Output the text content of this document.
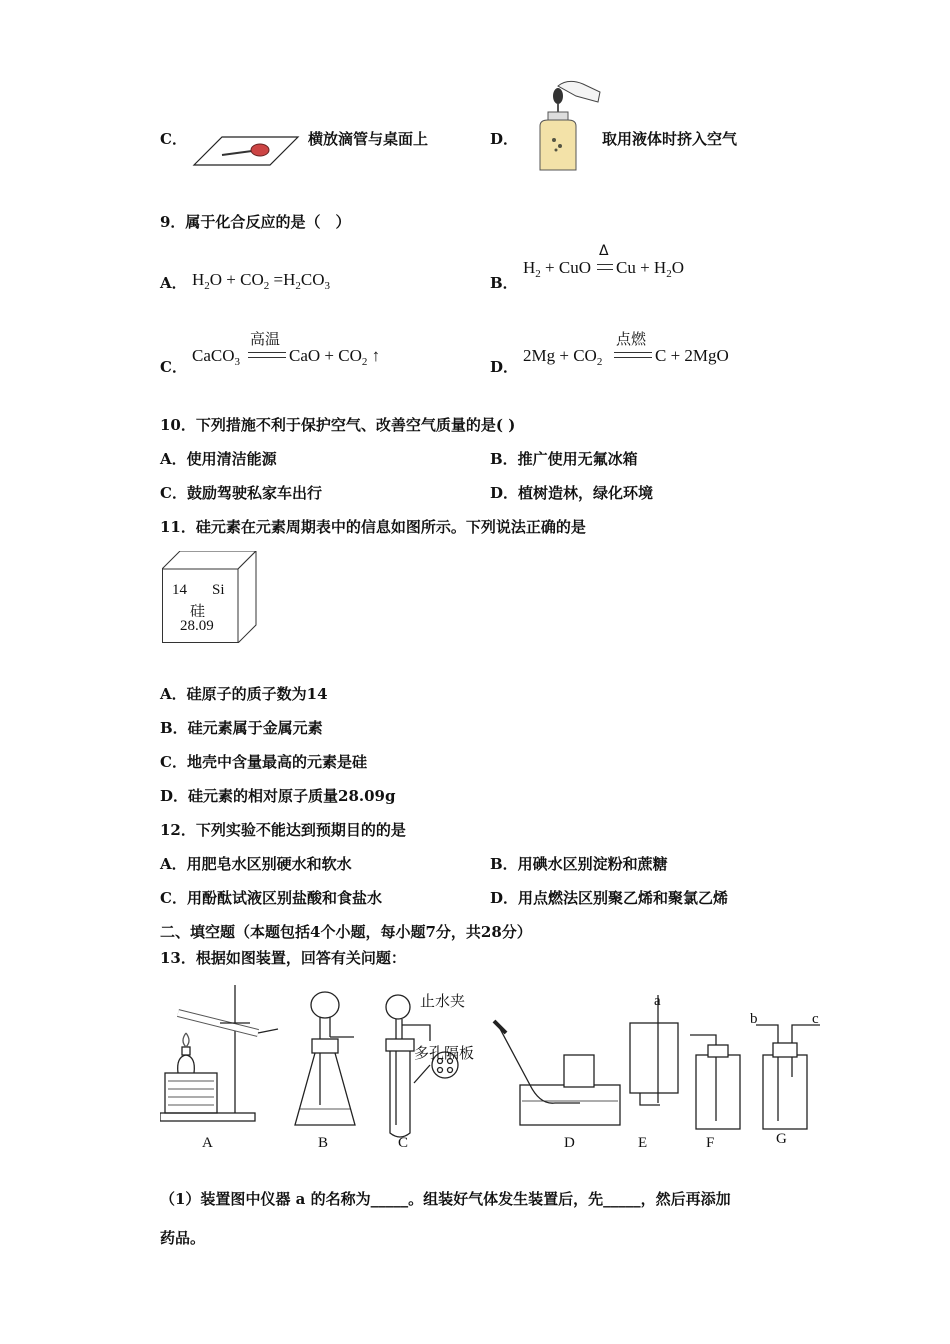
C．	横放滴管与桌面上	D．	取用液体时挤入空气
9．属于化合反应的是（　）
A． $H_2O + CO_2 =H_2CO_3$	B．
$H_2$ + CuO
Δ
$Cu + H_2O$
C．
CaCO$_3$
高温
CaO + $CO_2$ ↑
D．
$2Mg + CO_2$
点燃
C + 2MgO
10．下列措施不利于保护空气、改善空气质量的是( )
A．使用清洁能源	B．推广使用无氟冰箱
C．鼓励驾驶私家车出行	D．植树造林，绿化环境
11．硅元素在元素周期表中的信息如图所示。下列说法正确的是
14 Si
硅
28.09
A．硅原子的质子数为14
B．硅元素属于金属元素
C．地壳中含量最高的元素是硅
D．硅元素的相对原子质量28.09g
12．下列实验不能达到预期目的的是
A．用肥皂水区别硬水和软水	B．用碘水区别淀粉和蔗糖
C．用酚酞试液区别盐酸和食盐水	D．用点燃法区别聚乙烯和聚氯乙烯
二、填空题（本题包括4个小题，每小题7分，共28分）
13．根据如图装置，回答有关问题：
止水夹
多孔隔板
a
b	c
A	B	C	D	E	F	G
（1）装置图中仪器 a 的名称为_____。组装好气体发生装置后，先_____，然后再添加
药品。
